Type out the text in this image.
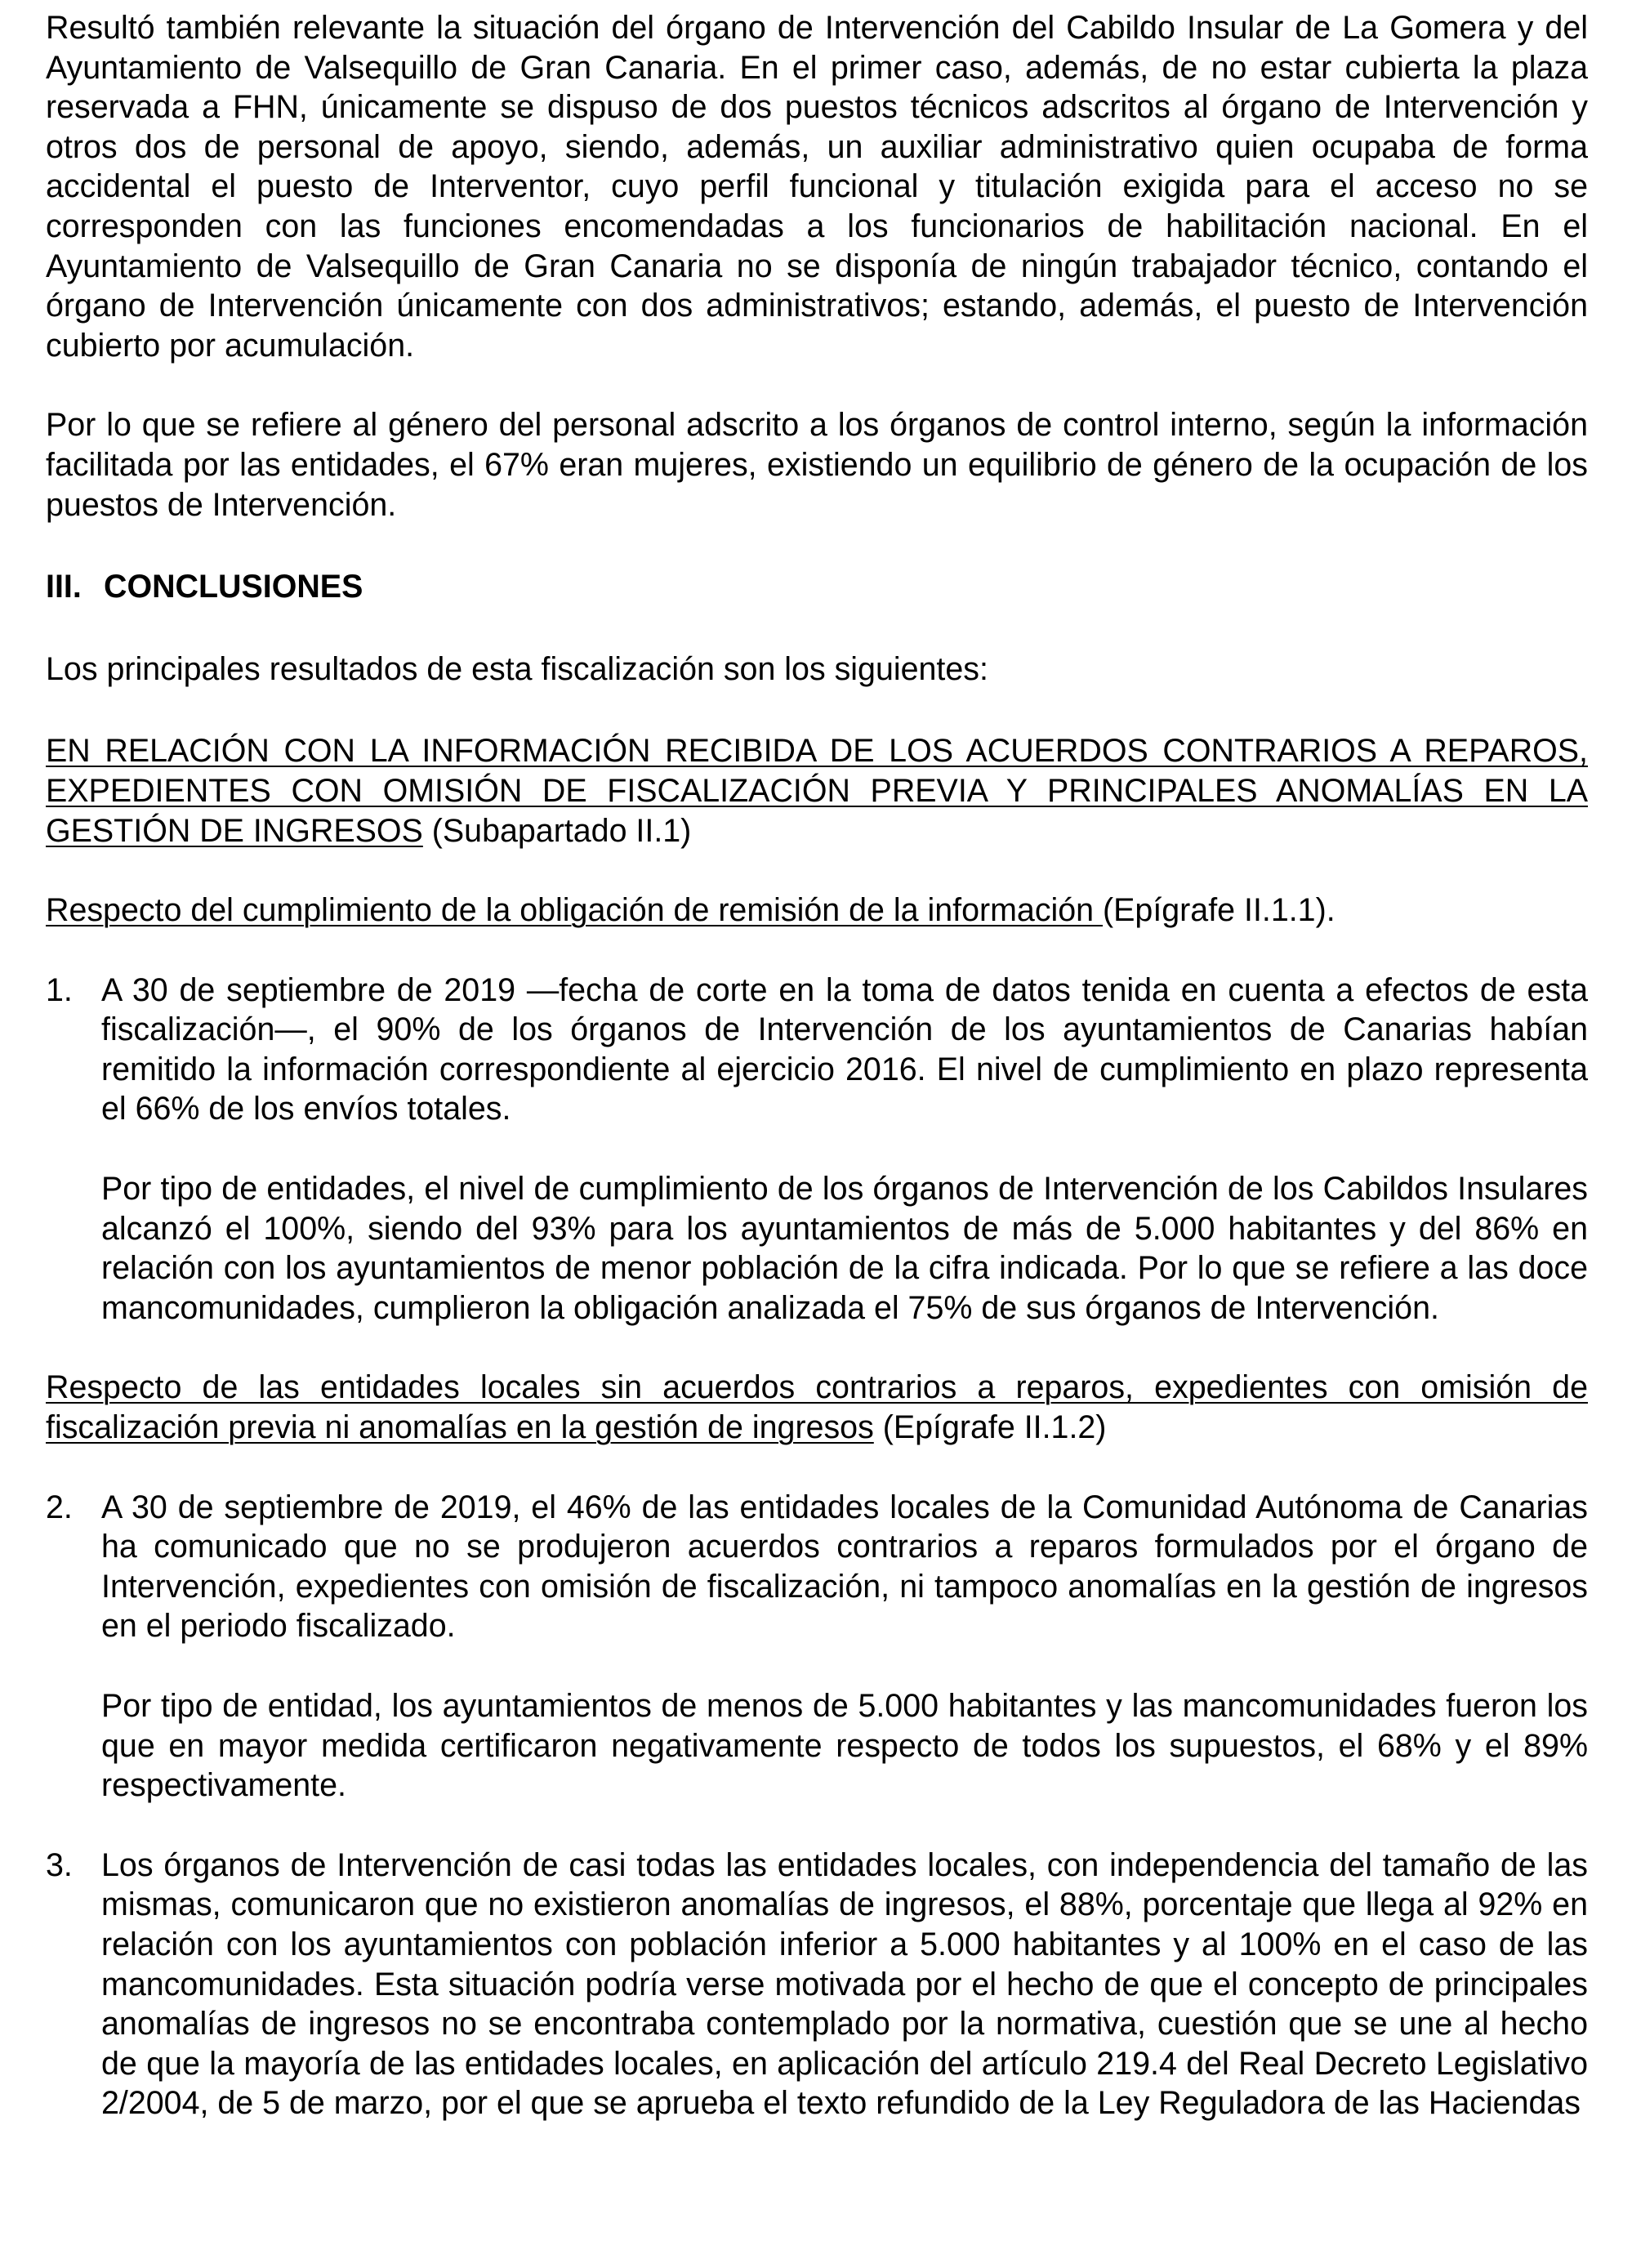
Resultó también relevante la situación del órgano de Intervención del Cabildo Insular de La Gomera y del Ayuntamiento de Valsequillo de Gran Canaria. En el primer caso, además, de no estar cubierta la plaza reservada a FHN, únicamente se dispuso de dos puestos técnicos adscritos al órgano de Intervención y otros dos de personal de apoyo, siendo, además, un auxiliar administrativo quien ocupaba de forma accidental el puesto de Interventor, cuyo perfil funcional y titulación exigida para el acceso no se corresponden con las funciones encomendadas a los funcionarios de habilitación nacional. En el Ayuntamiento de Valsequillo de Gran Canaria no se disponía de ningún trabajador técnico, contando el órgano de Intervención únicamente con dos administrativos; estando, además, el puesto de Intervención cubierto por acumulación.

Por lo que se refiere al género del personal adscrito a los órganos de control interno, según la información facilitada por las entidades, el 67% eran mujeres, existiendo un equilibrio de género de la ocupación de los puestos de Intervención.

III. CONCLUSIONES

Los principales resultados de esta fiscalización son los siguientes:

EN RELACIÓN CON LA INFORMACIÓN RECIBIDA DE LOS ACUERDOS CONTRARIOS A REPAROS, EXPEDIENTES CON OMISIÓN DE FISCALIZACIÓN PREVIA Y PRINCIPALES ANOMALÍAS EN LA GESTIÓN DE INGRESOS (Subapartado II.1)

Respecto del cumplimiento de la obligación de remisión de la información (Epígrafe II.1.1).

1. A 30 de septiembre de 2019 —fecha de corte en la toma de datos tenida en cuenta a efectos de esta fiscalización—, el 90% de los órganos de Intervención de los ayuntamientos de Canarias habían remitido la información correspondiente al ejercicio 2016. El nivel de cumplimiento en plazo representa el 66% de los envíos totales.

Por tipo de entidades, el nivel de cumplimiento de los órganos de Intervención de los Cabildos Insulares alcanzó el 100%, siendo del 93% para los ayuntamientos de más de 5.000 habitantes y del 86% en relación con los ayuntamientos de menor población de la cifra indicada. Por lo que se refiere a las doce mancomunidades, cumplieron la obligación analizada el 75% de sus órganos de Intervención.

Respecto de las entidades locales sin acuerdos contrarios a reparos, expedientes con omisión de fiscalización previa ni anomalías en la gestión de ingresos (Epígrafe II.1.2)

2. A 30 de septiembre de 2019, el 46% de las entidades locales de la Comunidad Autónoma de Canarias ha comunicado que no se produjeron acuerdos contrarios a reparos formulados por el órgano de Intervención, expedientes con omisión de fiscalización, ni tampoco anomalías en la gestión de ingresos en el periodo fiscalizado.

Por tipo de entidad, los ayuntamientos de menos de 5.000 habitantes y las mancomunidades fueron los que en mayor medida certificaron negativamente respecto de todos los supuestos, el 68% y el 89% respectivamente.

3. Los órganos de Intervención de casi todas las entidades locales, con independencia del tamaño de las mismas, comunicaron que no existieron anomalías de ingresos, el 88%, porcentaje que llega al 92% en relación con los ayuntamientos con población inferior a 5.000 habitantes y al 100% en el caso de las mancomunidades. Esta situación podría verse motivada por el hecho de que el concepto de principales anomalías de ingresos no se encontraba contemplado por la normativa, cuestión que se une al hecho de que la mayoría de las entidades locales, en aplicación del artículo 219.4 del Real Decreto Legislativo 2/2004, de 5 de marzo, por el que se aprueba el texto refundido de la Ley Reguladora de las Haciendas
